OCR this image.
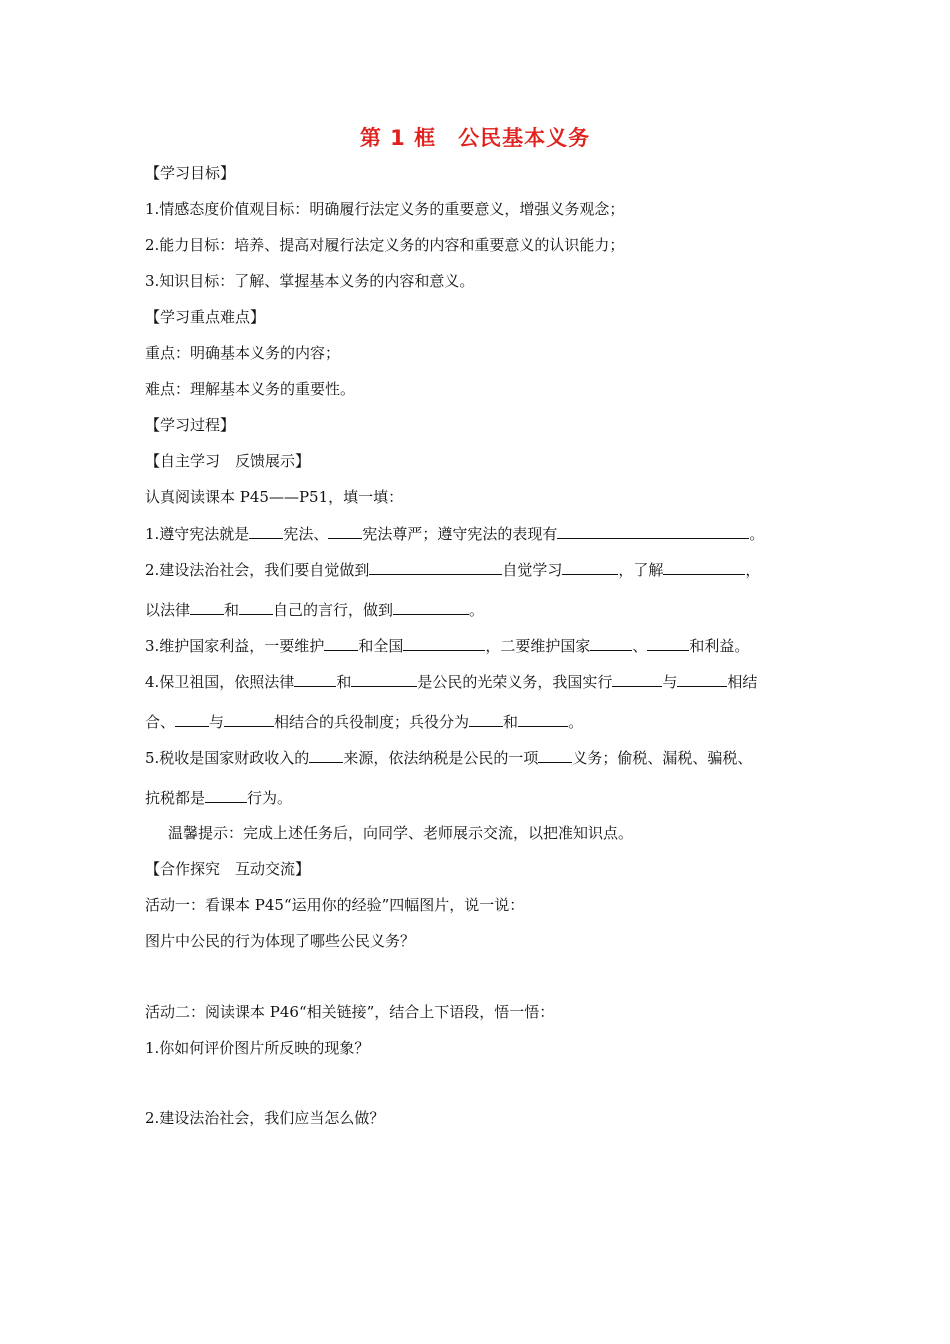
第 1 框　公民基本义务
【学习目标】
1.情感态度价值观目标：明确履行法定义务的重要意义，增强义务观念；
2.能力目标：培养、提高对履行法定义务的内容和重要意义的认识能力；
3.知识目标：了解、掌握基本义务的内容和意义。
【学习重点难点】
重点：明确基本义务的内容；
难点：理解基本义务的重要性。
【学习过程】
【自主学习　反馈展示】
认真阅读课本 P45——P51，填一填：
1.遵守宪法就是 宪法、 宪法尊严；遵守宪法的表现有	。
2.建设法治社会，我们要自觉做到	自觉学习	，了解	，
以法律 和 自己的言行，做到	。
3.维护国家利益，一要维护 和全国	，二要维护国家	、	和利益。
4.保卫祖国，依照法律	和	是公民的光荣义务，我国实行	与	相结
合、 与	相结合的兵役制度；兵役分为 和	。
5.税收是国家财政收入的 来源，依法纳税是公民的一项 义务；偷税、漏税、骗税、
抗税都是	行为。
温馨提示：完成上述任务后，向同学、老师展示交流，以把准知识点。
【合作探究　互动交流】
活动一：看课本 P45“运用你的经验”四幅图片，说一说：
图片中公民的行为体现了哪些公民义务？
活动二：阅读课本 P46“相关链接”，结合上下语段，悟一悟：
1.你如何评价图片所反映的现象？
2.建设法治社会，我们应当怎么做？
